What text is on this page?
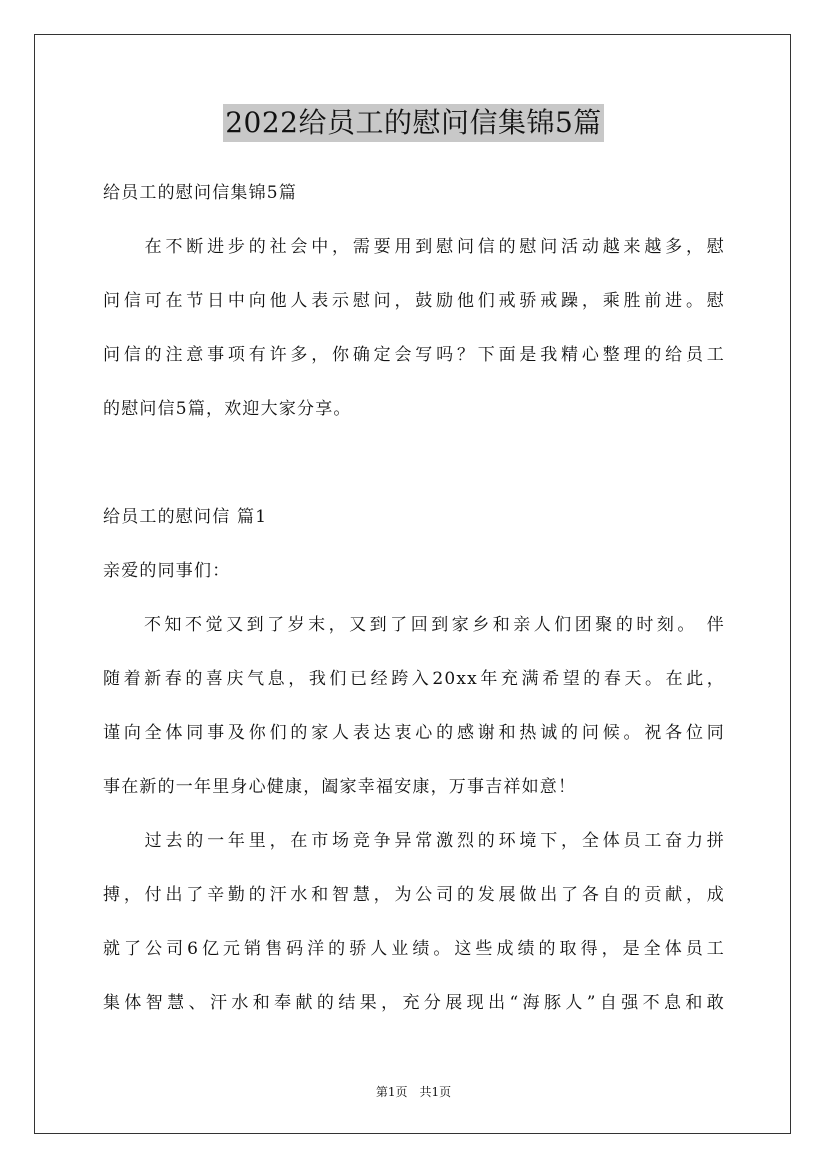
2022给员工的慰问信集锦5篇
给员工的慰问信集锦5篇
　　在不断进步的社会中，需要用到慰问信的慰问活动越来越多，慰
问信可在节日中向他人表示慰问，鼓励他们戒骄戒躁，乘胜前进。慰
问信的注意事项有许多，你确定会写吗？下面是我精心整理的给员工
的慰问信5篇，欢迎大家分享。
给员工的慰问信 篇1
亲爱的同事们：
　　不知不觉又到了岁末，又到了回到家乡和亲人们团聚的时刻。 伴
随着新春的喜庆气息，我们已经跨入20xx年充满希望的春天。在此，
谨向全体同事及你们的家人表达衷心的感谢和热诚的问候。祝各位同
事在新的一年里身心健康，阖家幸福安康，万事吉祥如意！
　　过去的一年里，在市场竞争异常激烈的环境下，全体员工奋力拼
搏，付出了辛勤的汗水和智慧，为公司的发展做出了各自的贡献，成
就了公司6亿元销售码洋的骄人业绩。这些成绩的取得，是全体员工
集体智慧、汗水和奉献的结果，充分展现出“海豚人”自强不息和敢
第1页　共1页
